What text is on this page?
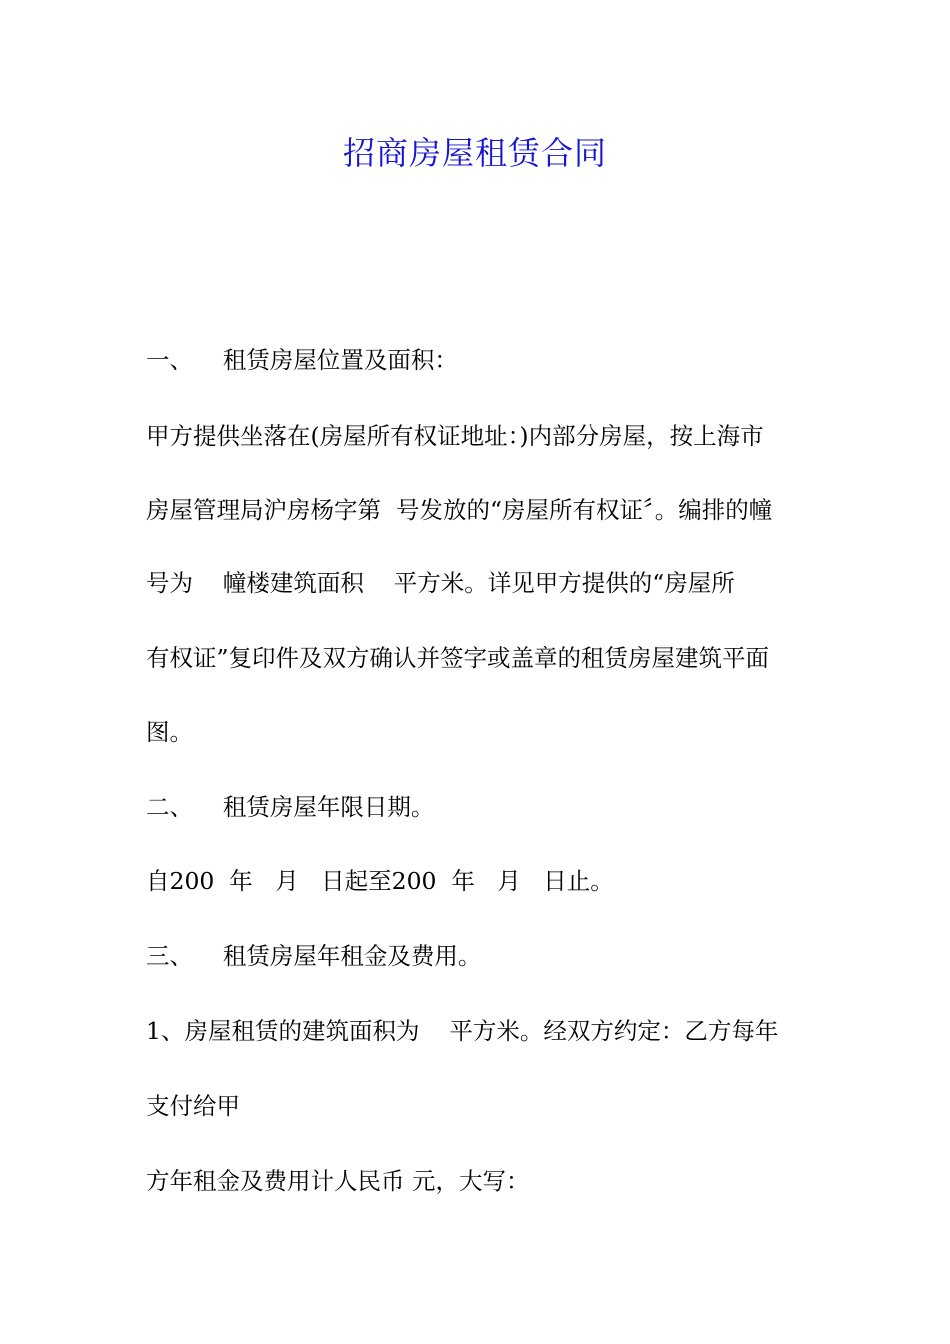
招商房屋租赁合同
一、    租赁房屋位置及面积：
甲方提供坐落在(房屋所有权证地址：)内部分房屋，按上海市
房屋管理局沪房杨字第  号发放的“房屋所有权证〞。编排的幢
号为    幢楼建筑面积    平方米。详见甲方提供的“房屋所
有权证”复印件及双方确认并签字或盖章的租赁房屋建筑平面
图。
二、    租赁房屋年限日期。
自200  年   月   日起至200  年   月   日止。
三、    租赁房屋年租金及费用。
1、房屋租赁的建筑面积为    平方米。经双方约定：乙方每年
支付给甲
方年租金及费用计人民币 元，大写：
